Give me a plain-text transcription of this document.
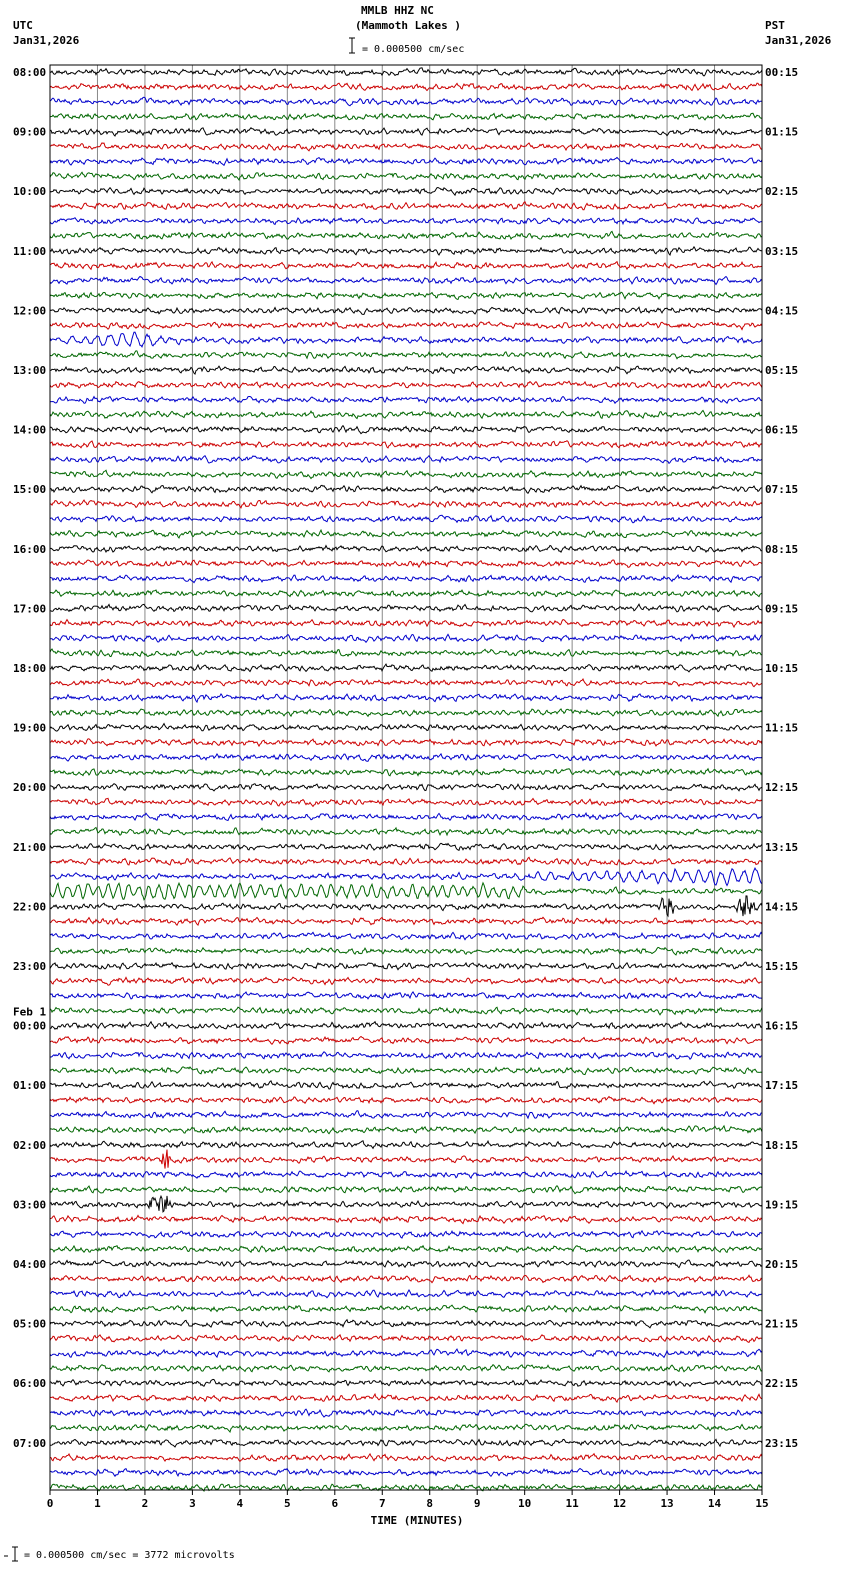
0	1	2	3	4	5	6	7	8	9	10	11	12	13	14	15
08:00
09:00
10:00
11:00
12:00
13:00
14:00
15:00
16:00
17:00
18:00
19:00
20:00
21:00
22:00
23:00
00:00
Feb 1
01:00
02:00
03:00
04:00
05:00
06:00
07:00
00:15
01:15
02:15
03:15
04:15
05:15
06:15
07:15
08:15
09:15
10:15
11:15
12:15
13:15
14:15
15:15
16:15
17:15
18:15
19:15
20:15
21:15
22:15
23:15
TIME (MINUTES)
MMLB HHZ NC
(Mammoth Lakes )
= 0.000500 cm/sec
UTC
Jan31,2026
PST
Jan31,2026
= 0.000500 cm/sec = 3772 microvolts
